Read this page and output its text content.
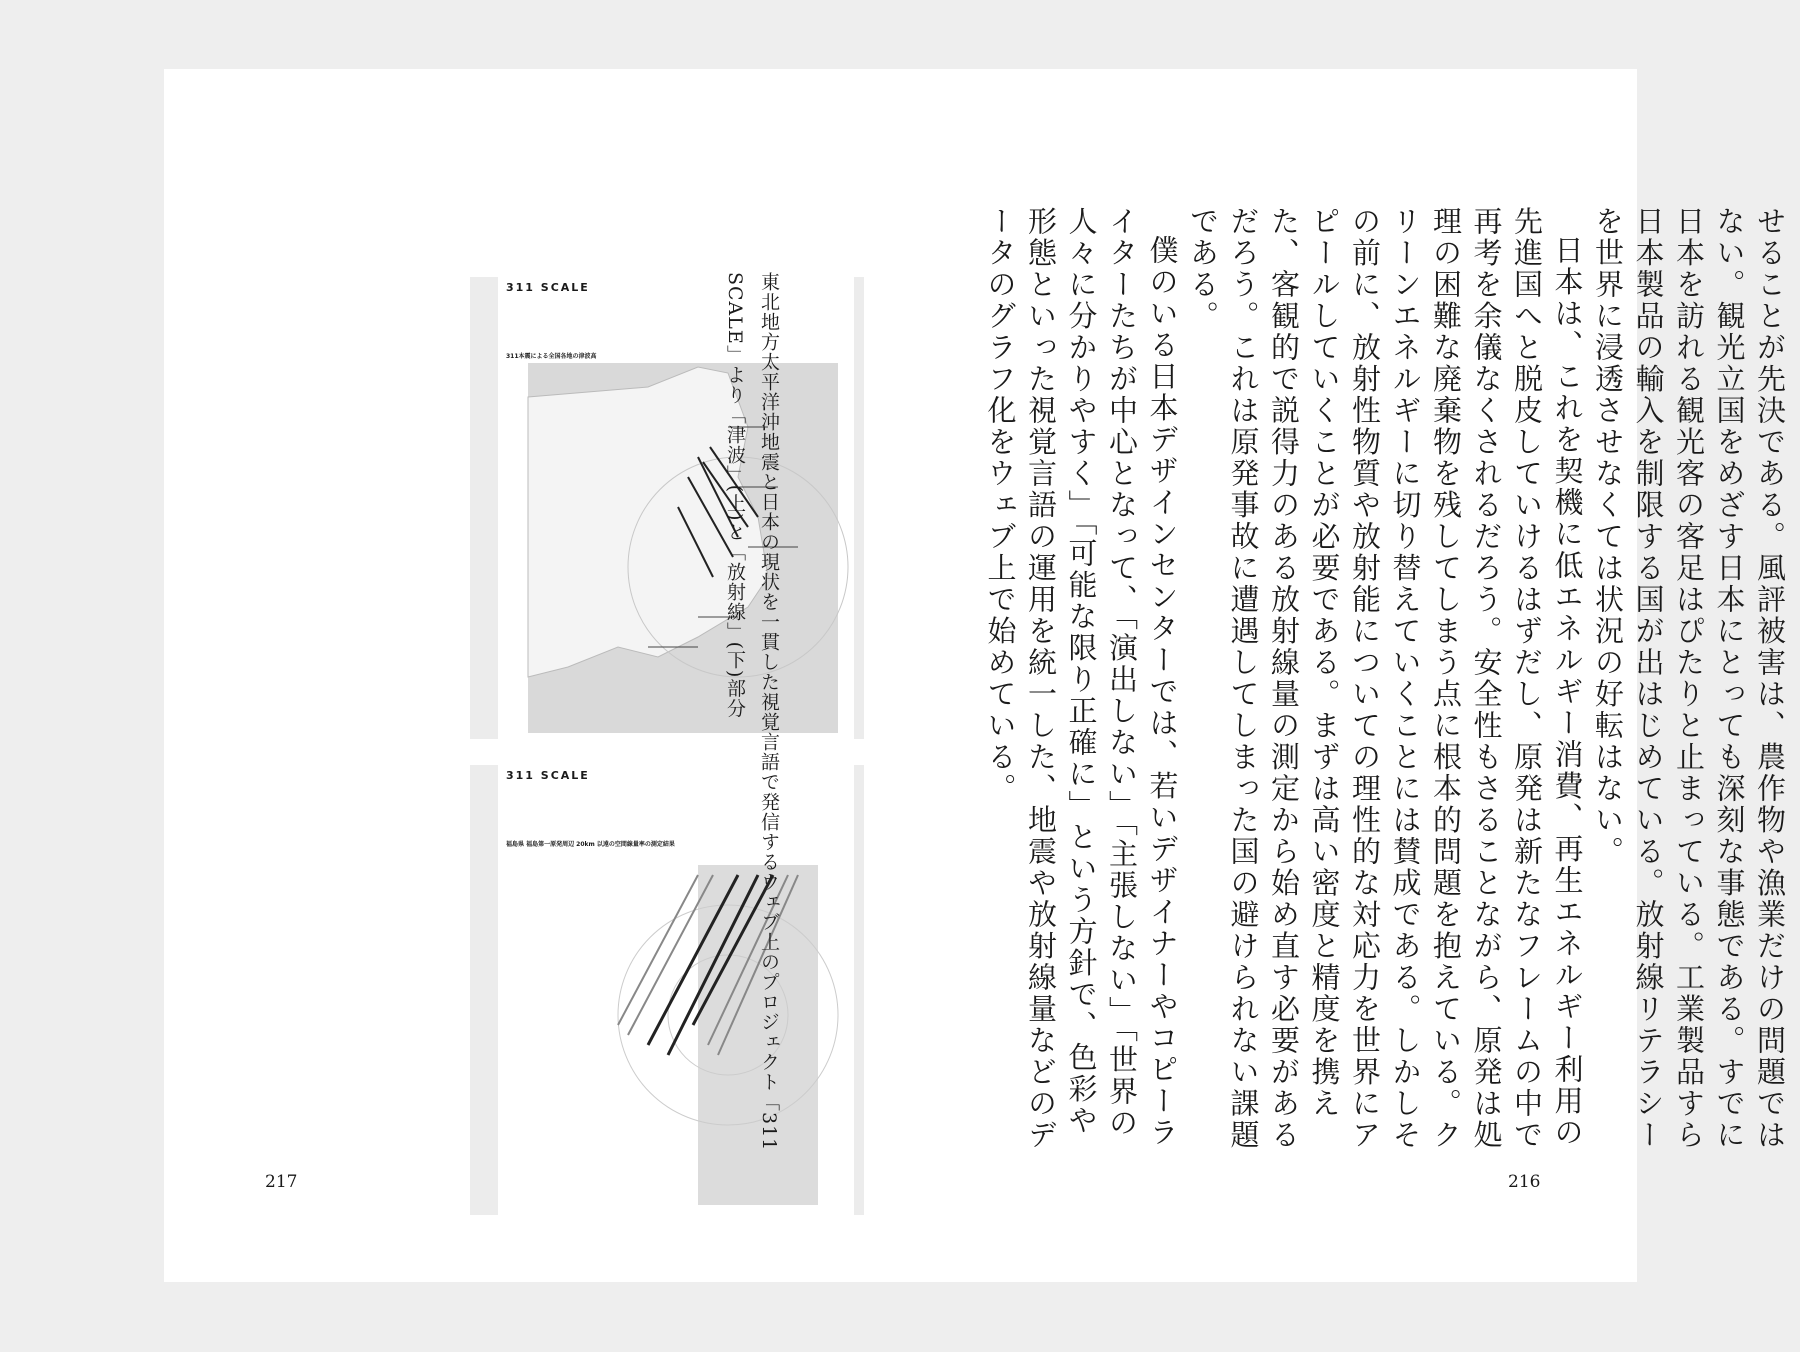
311 SCALE
311本震による全国各地の津波高
311 SCALE
福島県 福島第一原発周辺 20km 以遠の空間線量率の測定結果	せることが先決である。風評被害は、農作物や漁業だけの問題ではない。観光立国をめざす日本にとっても深刻な事態である。すでに日本を訪れる観光客の客足はぴたりと止まっている。工業製品すら日本製品の輸入を制限する国が出はじめている。放射線リテラシーを世界に浸透させなくては状況の好転はない。

日本は、これを契機に低エネルギー消費、再生エネルギー利用の先進国へと脱皮していけるはずだし、原発は新たなフレームの中で再考を余儀なくされるだろう。安全性もさることながら、原発は処理の困難な廃棄物を残してしまう点に根本的問題を抱えている。クリーンエネルギーに切り替えていくことには賛成である。しかしその前に、放射性物質や放射能についての理性的な対応力を世界にアピールしていくことが必要である。まずは高い密度と精度を携えた、客観的で説得力のある放射線量の測定から始め直す必要があるだろう。これは原発事故に遭遇してしまった国の避けられない課題である。

僕のいる日本デザインセンターでは、若いデザイナーやコピーライターたちが中心となって、「演出しない」「主張しない」「世界の人々に分かりやすく」「可能な限り正確に」という方針で、色彩や形態といった視覚言語の運用を統一した、地震や放射線量などのデータのグラフ化をウェブ上で始めている。

東北地方太平洋沖地震と日本の現状を一貫した視覚言語で発信するウェブ上のプロジェクト「311 SCALE」より「津波」(上)と「放射線」(下)部分
217	216
